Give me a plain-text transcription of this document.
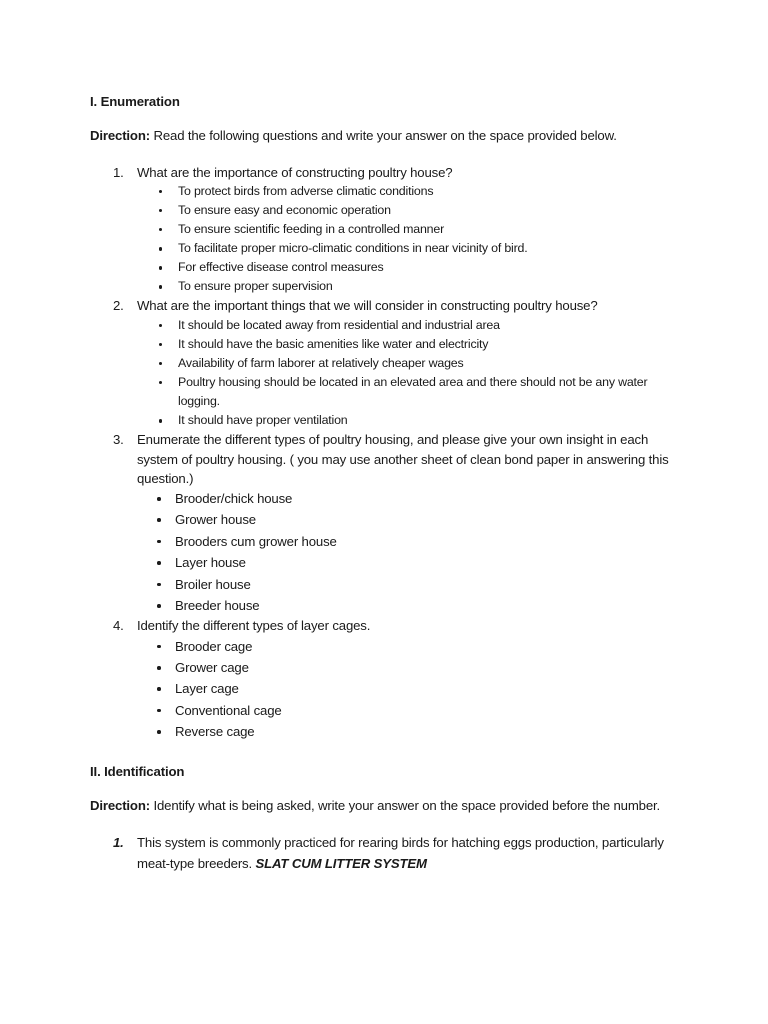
I. Enumeration

Direction: Read the following questions and write your answer on the space provided below.

1.	What are the importance of constructing poultry house?
To protect birds from adverse climatic conditions
To ensure easy and economic operation
To ensure scientific feeding in a controlled manner
To facilitate proper micro-climatic conditions in near vicinity of bird.
For effective disease control measures
To ensure proper supervision
2.	What are the important things that we will consider in constructing poultry house?
It should be located away from residential and industrial area
It should have the basic amenities like water and electricity
Availability of farm laborer at relatively cheaper wages
Poultry housing should be located in an elevated area and there should not be any water logging.
It should have proper ventilation
3.	Enumerate the different types of poultry housing, and please give your own insight in each system of poultry housing. ( you may use another sheet of clean bond paper in answering this question.)
Brooder/chick house
Grower house
Brooders cum grower house
Layer house
Broiler house
Breeder house
4.	Identify the different types of layer cages.
Brooder cage
Grower cage
Layer cage
Conventional cage
Reverse cage
II. Identification

Direction: Identify what is being asked, write your answer on the space provided before the number.

1. This system is commonly practiced for rearing birds for hatching eggs production, particularly meat-type breeders. SLAT CUM LITTER SYSTEM
